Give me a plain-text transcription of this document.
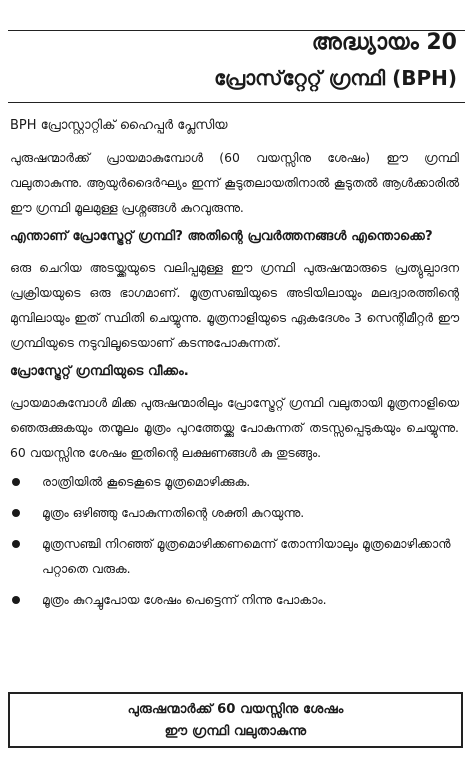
അദ്ധ്യായം 20
പ്രോസ്‌റ്റേറ്റ് ഗ്രന്ഥി (BPH)
BPH പ്രോസ്റ്റാറ്റിക് ഹൈപ്പർ പ്ലേസിയ

പുരുഷന്മാർക്ക് പ്രായമാകുമ്പോൾ (60 വയസ്സിനു ശേഷം) ഈ ഗ്രന്ഥി വലുതാകുന്നു. ആയുർദൈർഘ്യം ഇന്ന് കൂടുതലായതിനാൽ കൂടുതൽ ആൾക്കാരിൽ ഈ ഗ്രന്ഥി മൂലമുള്ള പ്രശ്നങ്ങൾ കുറവുരുന്നു.

എന്താണ് പ്രോസ്ട്രേറ്റ് ഗ്രന്ഥി? അതിന്റെ പ്രവർത്തനങ്ങൾ എന്തൊക്കെ?

ഒരു ചെറിയ അടയ്ക്കയുടെ വലിപ്പമുള്ള ഈ ഗ്രന്ഥി പുരുഷന്മാരുടെ പ്രത്യുല്പാദന പ്രക്രിയയുടെ ഒരു ഭാഗമാണ്. മൂത്രസഞ്ചിയുടെ അടിയിലായും മലദ്വാരത്തിന്റെ മുമ്പിലായും ഇത് സ്ഥിതി ചെയ്യുന്നു. മൂത്രനാളിയുടെ ഏകദേശം 3 സെന്റിമീറ്റർ ഈ ഗ്രന്ഥിയുടെ നടുവിലൂടെയാണ് കടന്നുപോകുന്നത്.

പ്രോസ്ട്രേറ്റ് ഗ്രന്ഥിയുടെ വീക്കം.

പ്രായമാകുമ്പോൾ മിക്ക പുരുഷന്മാരിലും പ്രോസ്ട്രേറ്റ് ഗ്രന്ഥി വലുതായി മൂത്രനാളിയെ ഞെരുക്കുകയും തന്മൂലം മൂത്രം പുറത്തേയ്ക്കു പോകുന്നത് തടസ്സപ്പെടുകയും ചെയ്യുന്നു. 60 വയസ്സിനു ശേഷം ഇതിന്റെ ലക്ഷണങ്ങൾ കു തുടങ്ങും.

രാത്രിയിൽ കൂടെകൂടെ മൂത്രമൊഴിക്കുക.
മൂത്രം ഒഴിഞ്ഞു പോകുന്നതിന്റെ ശക്തി കുറയുന്നു.
മൂത്രസഞ്ചി നിറഞ്ഞ് മൂത്രമൊഴിക്കണമെന്ന് തോന്നിയാലും മൂത്രമൊഴിക്കാൻ പറ്റാതെ വരുക.
മൂത്രം കുറച്ചുപോയ ശേഷം പെട്ടെന്ന് നിന്നു പോകാം.
പുരുഷന്മാർക്ക് 60 വയസ്സിനു ശേഷം
ഈ ഗ്രന്ഥി വലുതാകുന്നു
